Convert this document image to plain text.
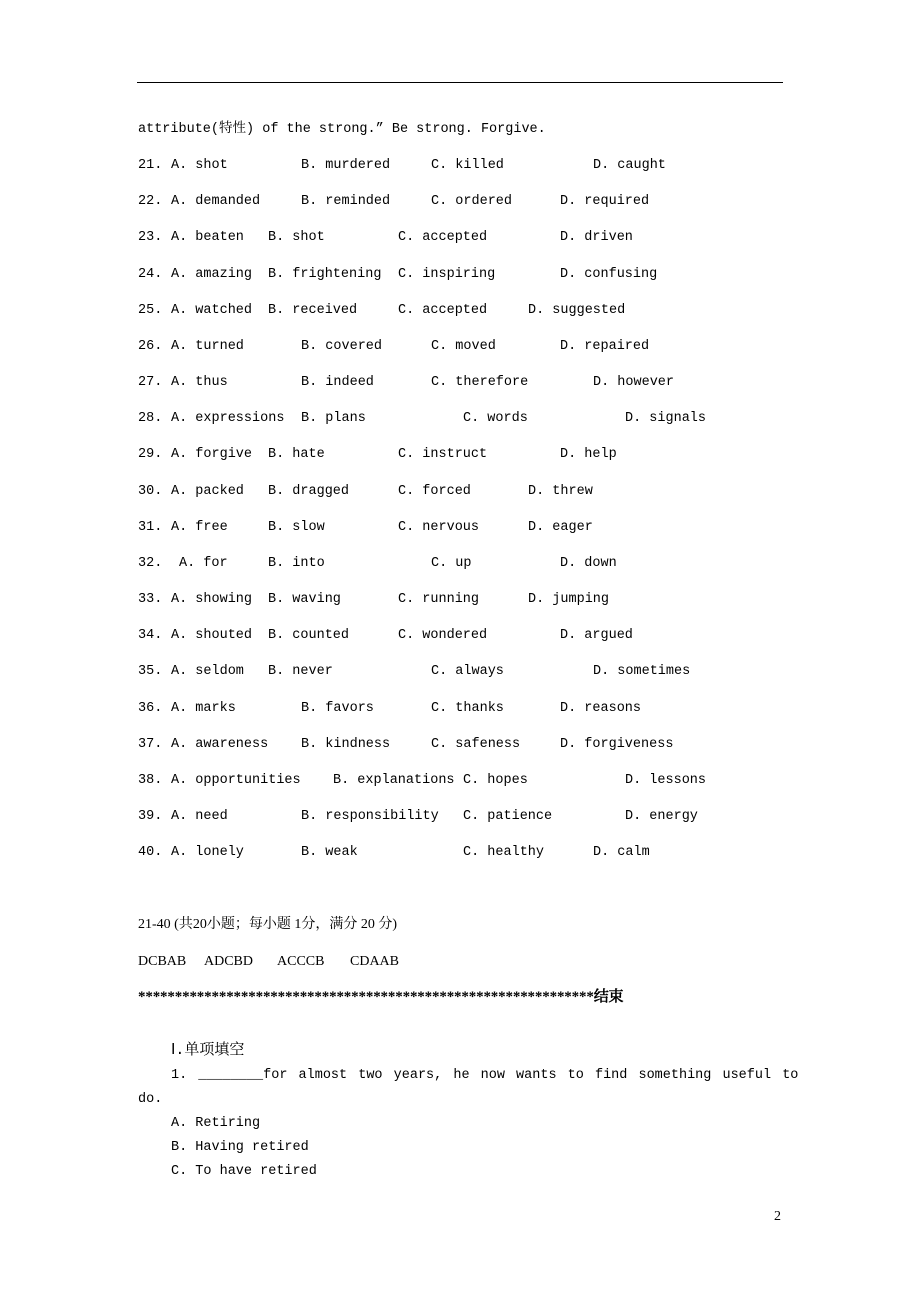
attribute(特性) of the strong.” Be strong. Forgive.
21. A. shot	B. murdered	C. killed	D. caught
22. A. demanded	B. reminded	C. ordered	D. required
23. A. beaten B. shot	C. accepted	D. driven
24. A. amazing B. frightening C. inspiring	D. confusing
25. A. watched B. received	C. accepted	D. suggested
26. A. turned	B. covered	C. moved	D. repaired
27. A. thus	B. indeed	C. therefore	D. however
28. A. expressions B. plans	C. words	D. signals
29. A. forgive B. hate	C. instruct	D. help
30. A. packed B. dragged	C. forced	D. threw
31. A. free	B. slow	C. nervous	D. eager
32. A. for	B. into	C. up	D. down
33. A. showing B. waving	C. running	D. jumping
34. A. shouted B. counted	C. wondered	D. argued
35. A. seldom B. never	C. always	D. sometimes
36. A. marks	B. favors	C. thanks	D. reasons
37. A. awareness B. kindness	C. safeness	D. forgiveness
38. A. opportunities B. explanations C. hopes	D. lessons
39. A. need	B. responsibility C. patience	D. energy
40. A. lonely	B. weak	C. healthy	D. calm
21-40 (共20小题；每小题 1分，满分 20 分)
DCBAB ADCBD ACCCB CDAAB
**************************************************************结束
Ⅰ.单项填空
1. ________for almost two years, he now wants to find something useful to
do.
A. Retiring
B. Having retired
C. To have retired
2
